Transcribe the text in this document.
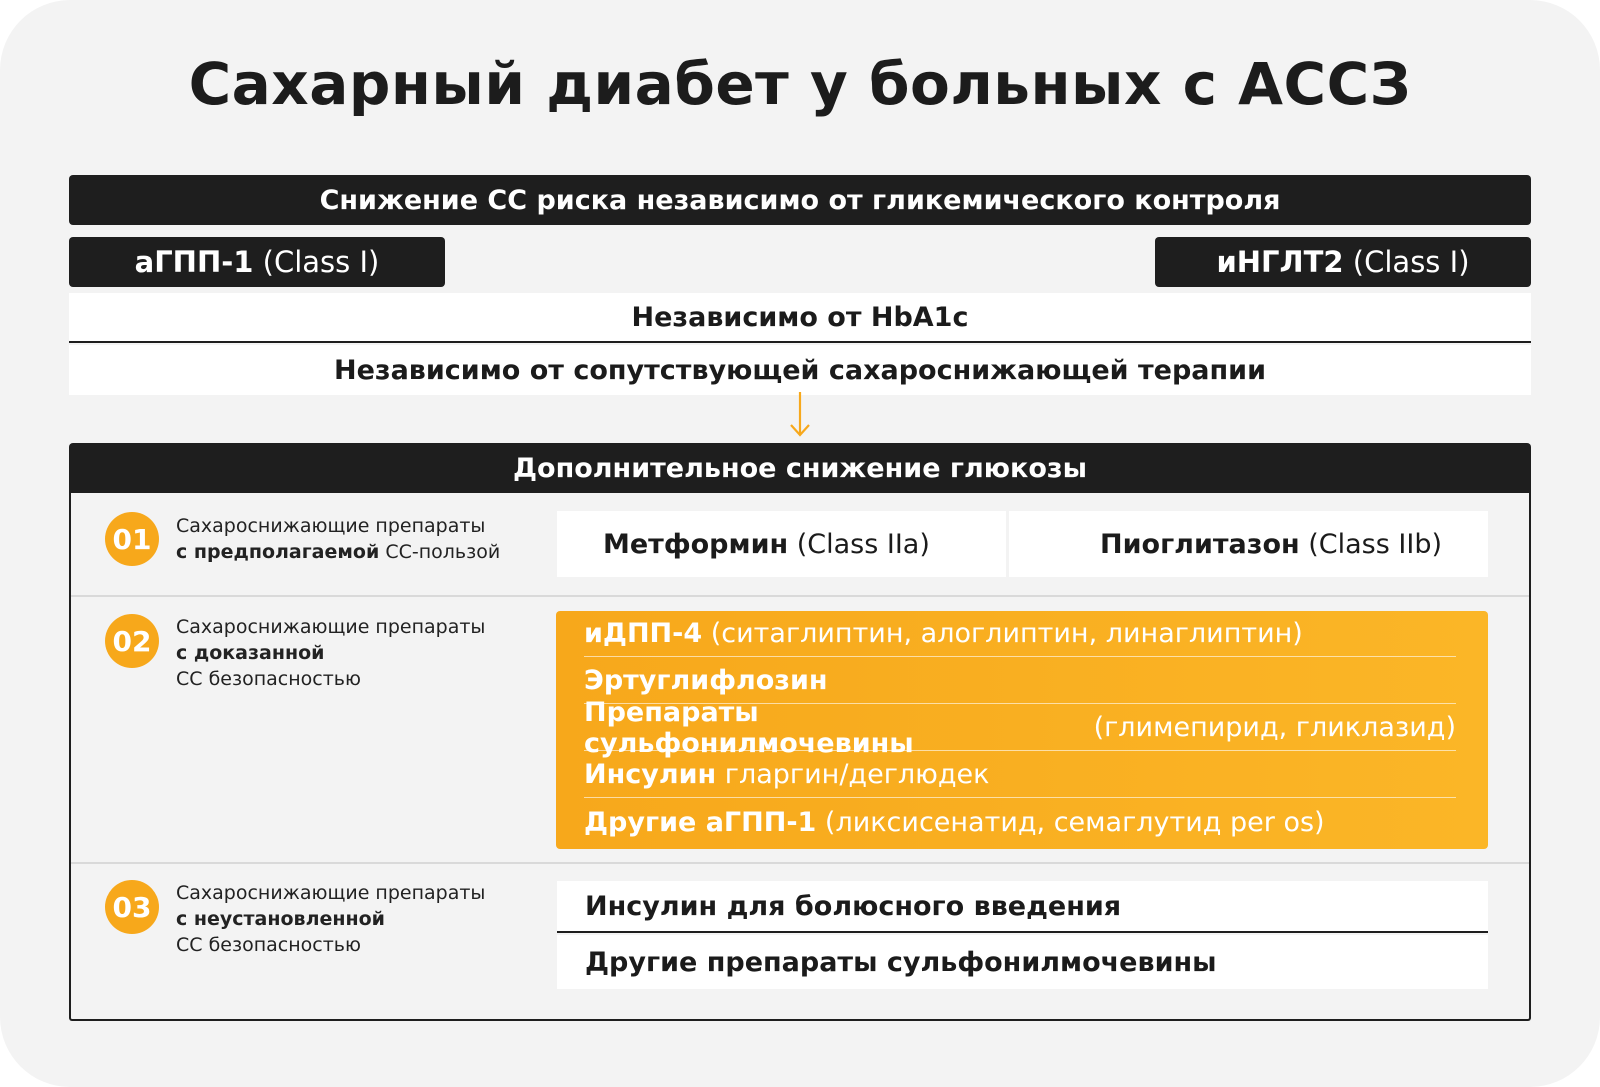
Сахарный диабет у больных с АССЗ
Снижение СС риска независимо от гликемического контроля
аГПП-1 (Class I)	иНГЛТ2 (Class I)
Независимо от HbA1c
Независимо от сопутствующей сахароснижающей терапии
Дополнительное снижение глюкозы
01	Сахароснижающие препараты
с предполагаемой СС-пользой	Метформин (Class IIa)	Пиоглитазон (Class IIb)
02	Сахароснижающие препараты
с доказанной
СС безопасностью
иДПП-4 (ситаглиптин, алоглиптин, линаглиптин)
Эртуглифлозин
Препараты сульфонилмочевины	(глимепирид, гликлазид)
Инсулин гларгин/деглюдек
Другие аГПП-1 (ликсисенатид, семаглутид per os)
03	Сахароснижающие препараты
с неустановленной
СС безопасностью
Инсулин для болюсного введения
Другие препараты сульфонилмочевины
